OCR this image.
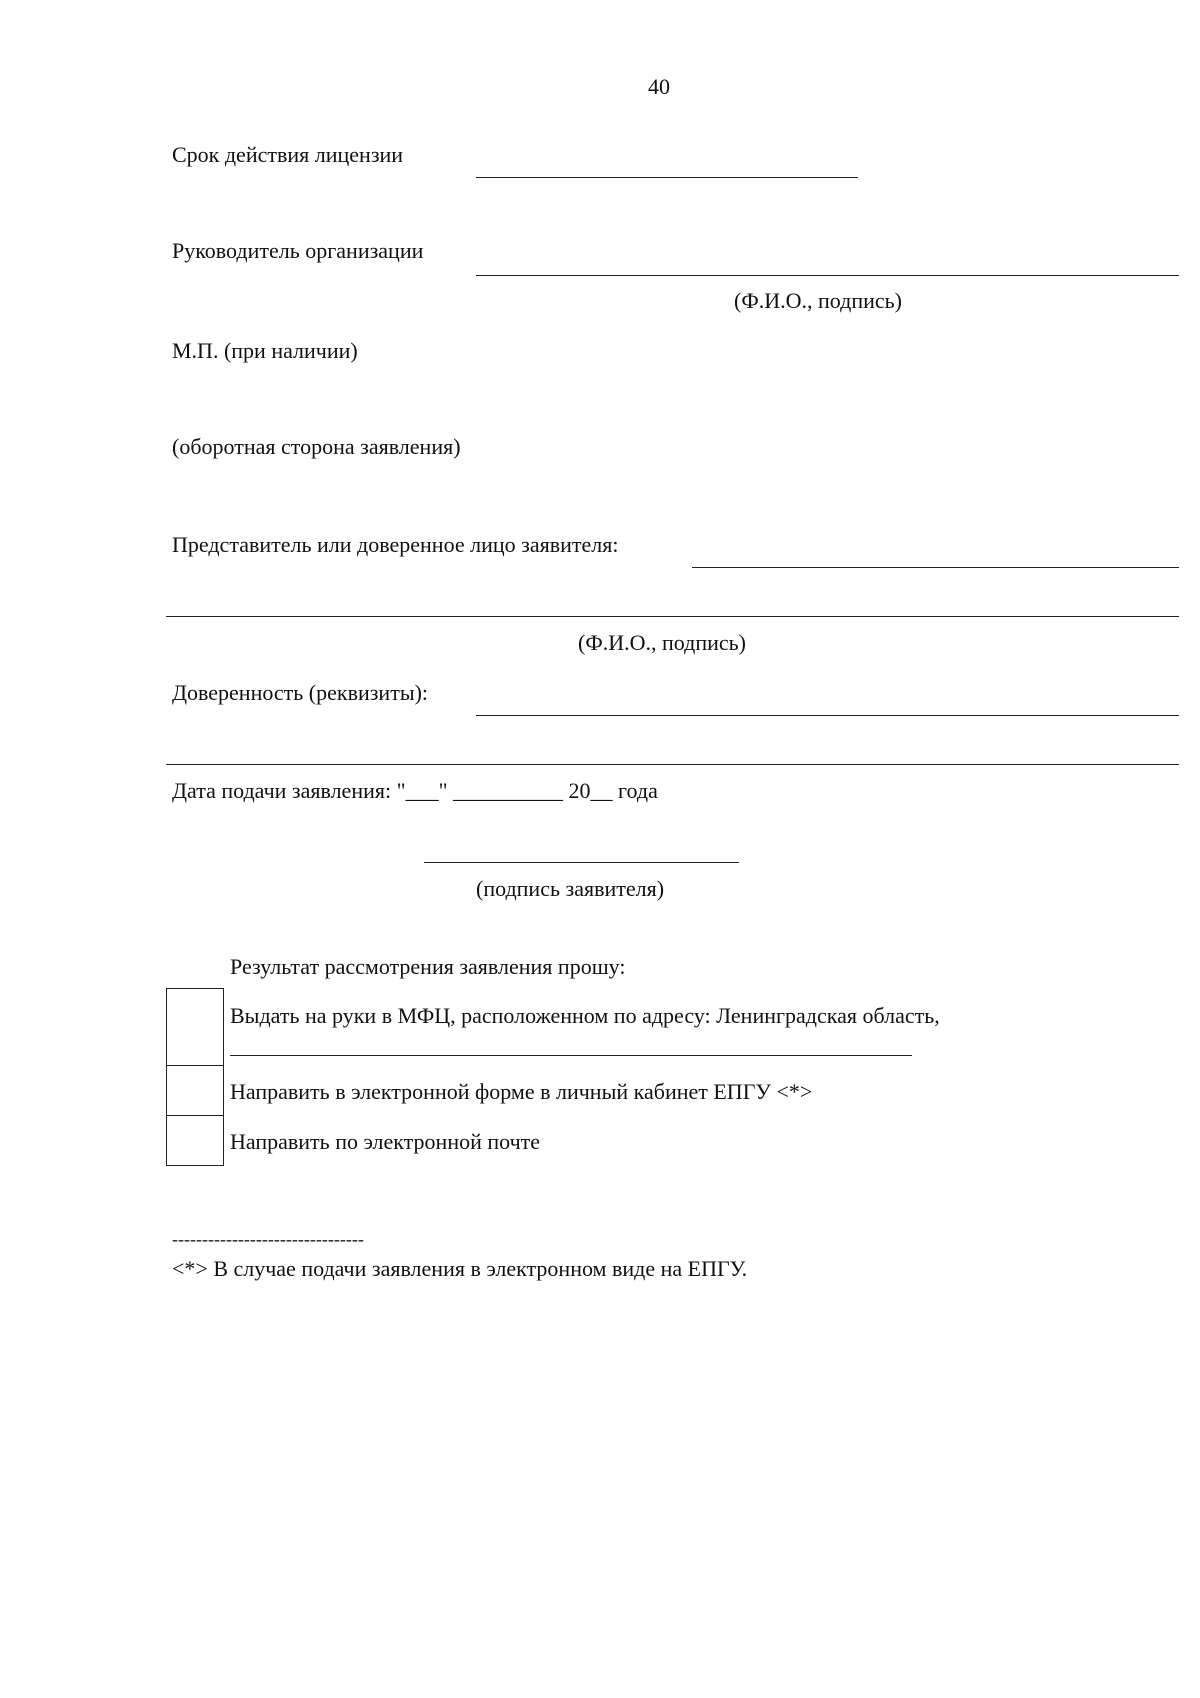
40
Срок действия лицензии
Руководитель организации
(Ф.И.О., подпись)
М.П. (при наличии)
(оборотная сторона заявления)
Представитель или доверенное лицо заявителя:
(Ф.И.О., подпись)
Доверенность (реквизиты):
Дата подачи заявления: "___" __________ 20__ года
(подпись заявителя)
Результат рассмотрения заявления прошу:
Выдать на руки в МФЦ, расположенном по адресу: Ленинградская область,
Направить в электронной форме в личный кабинет ЕПГУ <*>
Направить по электронной почте
--------------------------------
<*> В случае подачи заявления в электронном виде на ЕПГУ.
